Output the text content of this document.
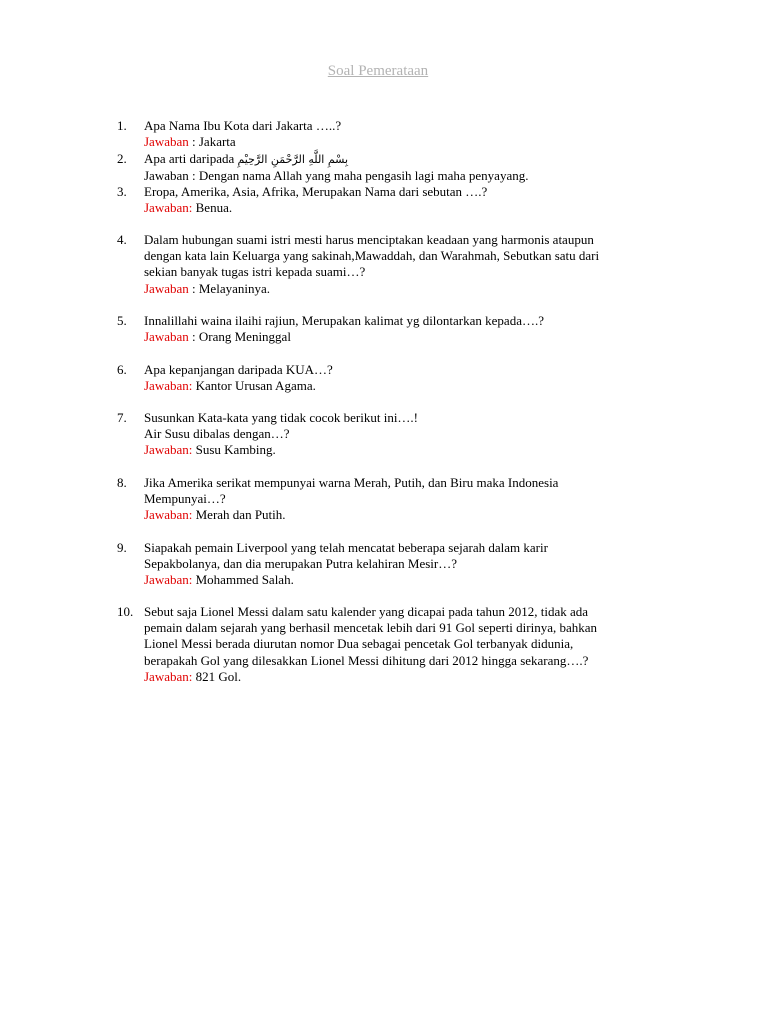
Soal Pemerataan
1. Apa Nama Ibu Kota dari Jakarta …..?
Jawaban : Jakarta
2. Apa arti daripada بِسْمِ اللَّهِ الرَّحْمَنِ الرَّحِيْمِ
Jawaban : Dengan nama Allah yang maha pengasih lagi maha penyayang.
3. Eropa, Amerika, Asia, Afrika, Merupakan Nama dari sebutan ….?
Jawaban: Benua.
4. Dalam hubungan suami istri mesti harus menciptakan keadaan yang harmonis ataupun
dengan kata lain Keluarga yang sakinah,Mawaddah, dan Warahmah, Sebutkan satu dari
sekian banyak tugas istri kepada suami…?
Jawaban : Melayaninya.
5. Innalillahi waina ilaihi rajiun, Merupakan kalimat yg dilontarkan kepada….?
Jawaban : Orang Meninggal
6. Apa kepanjangan daripada KUA…?
Jawaban: Kantor Urusan Agama.
7. Susunkan Kata-kata yang tidak cocok berikut ini….!
Air Susu dibalas dengan…?
Jawaban: Susu Kambing.
8. Jika Amerika serikat mempunyai warna Merah, Putih, dan Biru maka Indonesia
Mempunyai…?
Jawaban: Merah dan Putih.
9. Siapakah pemain Liverpool yang telah mencatat beberapa sejarah dalam karir
Sepakbolanya, dan dia merupakan Putra kelahiran Mesir…?
Jawaban: Mohammed Salah.
10. Sebut saja Lionel Messi dalam satu kalender yang dicapai pada tahun 2012, tidak ada
pemain dalam sejarah yang berhasil mencetak lebih dari 91 Gol seperti dirinya, bahkan
Lionel Messi berada diurutan nomor Dua sebagai pencetak Gol terbanyak didunia,
berapakah Gol yang dilesakkan Lionel Messi dihitung dari 2012 hingga sekarang….?
Jawaban: 821 Gol.
